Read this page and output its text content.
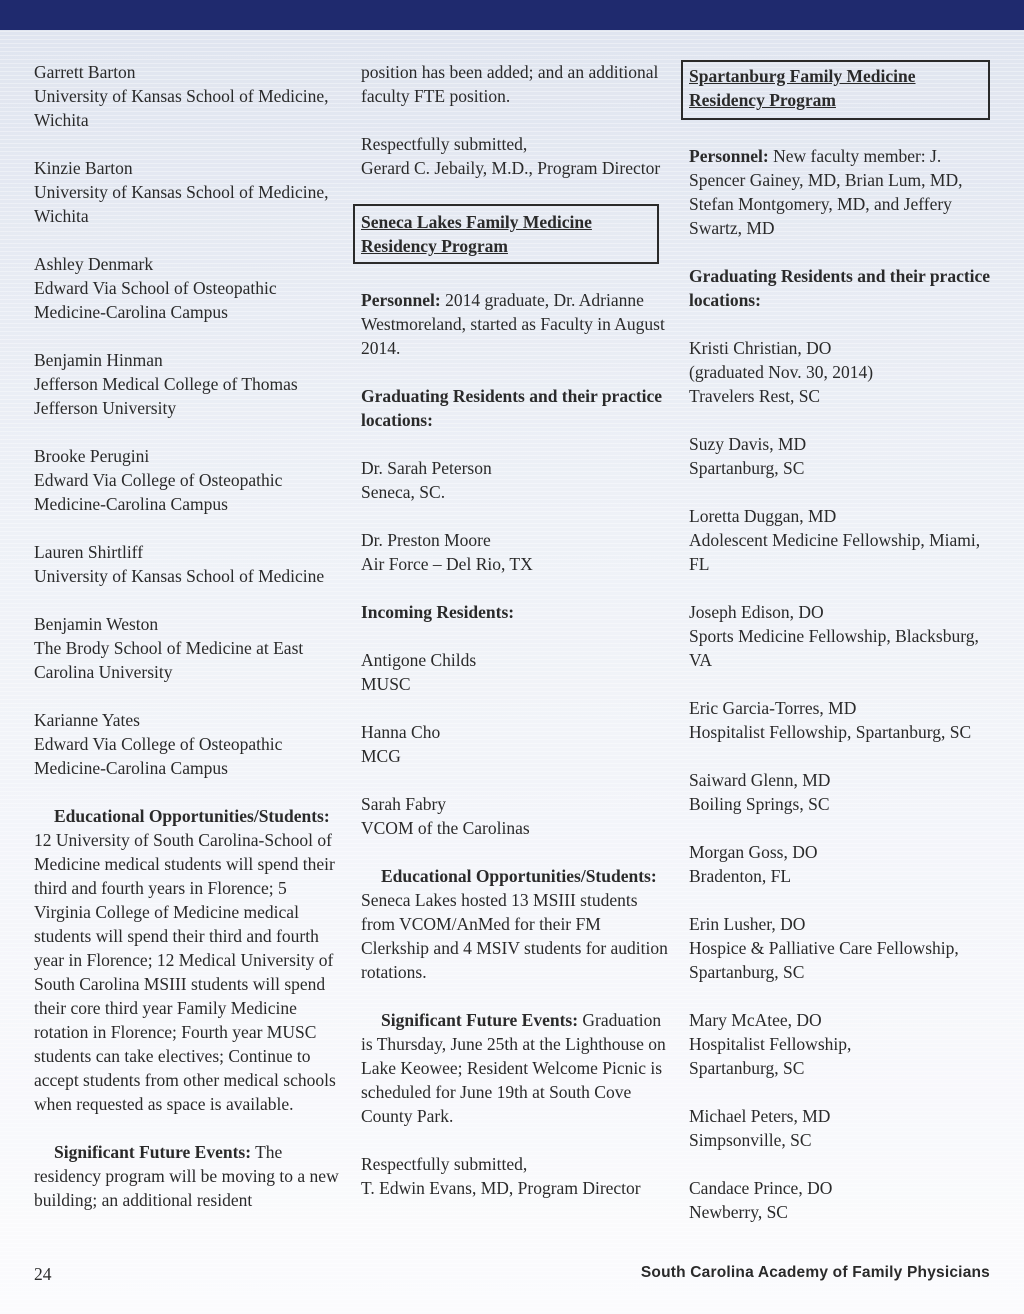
Garrett Barton
University of Kansas School of Medicine, Wichita
Kinzie Barton
University of Kansas School of Medicine, Wichita
Ashley Denmark
Edward Via School of Osteopathic Medicine-Carolina Campus
Benjamin Hinman
Jefferson Medical College of Thomas Jefferson University
Brooke Perugini
Edward Via College of Osteopathic Medicine-Carolina Campus
Lauren Shirtliff
University of Kansas School of Medicine
Benjamin Weston
The Brody School of Medicine at East Carolina University
Karianne Yates
Edward Via College of Osteopathic Medicine-Carolina Campus
Educational Opportunities/Students: 12 University of South Carolina-School of Medicine medical students will spend their third and fourth years in Florence; 5 Virginia College of Medicine medical students will spend their third and fourth year in Florence; 12 Medical University of South Carolina MSIII students will spend their core third year Family Medicine rotation in Florence; Fourth year MUSC students can take electives; Continue to accept students from other medical schools when requested as space is available.
Significant Future Events: The residency program will be moving to a new building; an additional resident
position has been added; and an additional faculty FTE position.
Respectfully submitted,
Gerard C. Jebaily, M.D., Program Director
Seneca Lakes Family Medicine
Residency Program
Personnel: 2014 graduate, Dr. Adrianne Westmoreland, started as Faculty in August 2014.
Graduating Residents and their practice locations:
Dr. Sarah Peterson
Seneca, SC.
Dr. Preston Moore
Air Force – Del Rio, TX
Incoming Residents:
Antigone Childs
MUSC
Hanna Cho
MCG
Sarah Fabry
VCOM of the Carolinas
Educational Opportunities/Students:
Seneca Lakes hosted 13 MSIII students from VCOM/AnMed for their FM Clerkship and 4 MSIV students for audition rotations.
Significant Future Events: Graduation is Thursday, June 25th at the Lighthouse on Lake Keowee; Resident Welcome Picnic is scheduled for June 19th at South Cove County Park.
Respectfully submitted,
T. Edwin Evans, MD, Program Director
Spartanburg Family Medicine
Residency Program
Personnel: New faculty member: J. Spencer Gainey, MD, Brian Lum, MD, Stefan Montgomery, MD, and Jeffery Swartz, MD
Graduating Residents and their practice locations:
Kristi Christian, DO
(graduated Nov. 30, 2014)
Travelers Rest, SC
Suzy Davis, MD
Spartanburg, SC
Loretta Duggan, MD
Adolescent Medicine Fellowship, Miami, FL
Joseph Edison, DO
Sports Medicine Fellowship, Blacksburg, VA
Eric Garcia-Torres, MD
Hospitalist Fellowship, Spartanburg, SC
Saiward Glenn, MD
Boiling Springs, SC
Morgan Goss, DO
Bradenton, FL
Erin Lusher, DO
Hospice & Palliative Care Fellowship, Spartanburg, SC
Mary McAtee, DO
Hospitalist Fellowship,
Spartanburg, SC
Michael Peters, MD
Simpsonville, SC
Candace Prince, DO
Newberry, SC
24	South Carolina Academy of Family Physicians
